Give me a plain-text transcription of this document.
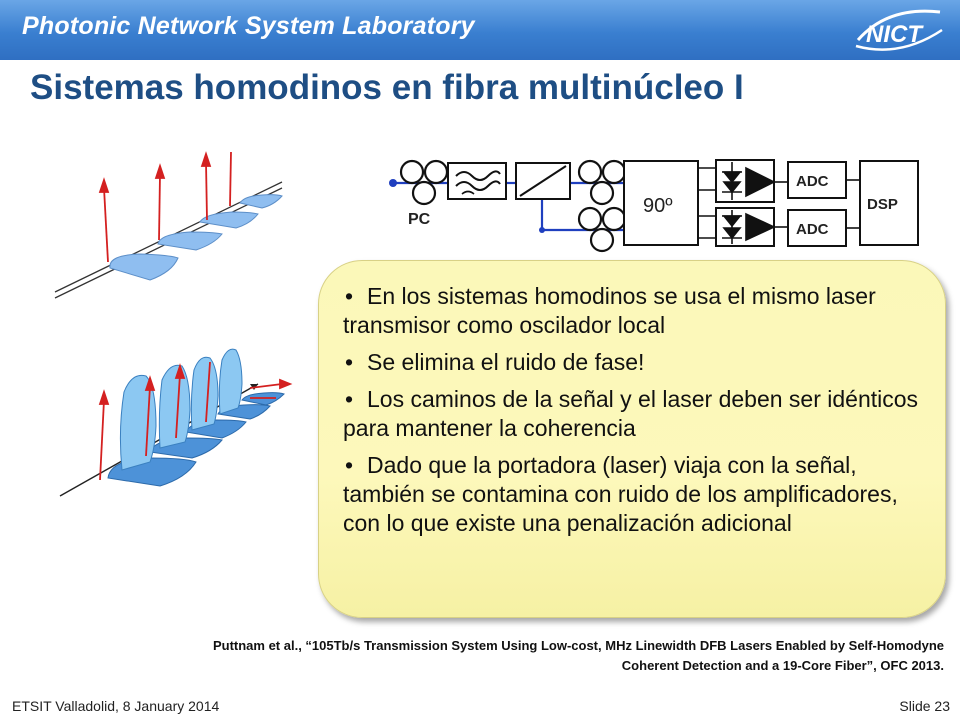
Photonic Network System Laboratory	NICT
Sistemas homodinos en fibra multinúcleo I
PC
90º
ADC
ADC
DSP
• En los sistemas homodinos se usa el mismo laser transmisor como oscilador local
• Se elimina el ruido de fase!
• Los caminos de la señal y el laser deben ser idénticos para mantener la coherencia
• Dado que la portadora (laser) viaja con la señal, también se contamina con ruido de los amplificadores, con lo que existe una penalización adicional
Puttnam et al., “105Tb/s Transmission System Using Low-cost, MHz Linewidth DFB Lasers Enabled by Self-Homodyne
Coherent Detection and a 19-Core Fiber”, OFC 2013.
ETSIT Valladolid, 8 January 2014	Slide 23
